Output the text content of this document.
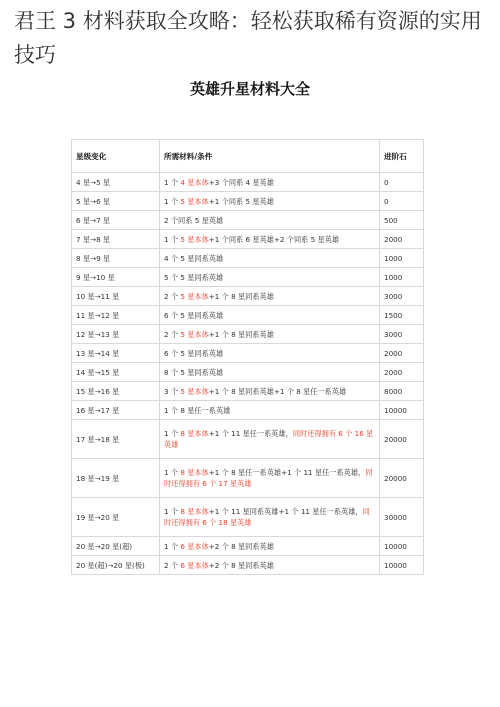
君王 3 材料获取全攻略：轻松获取稀有资源的实用技巧
英雄升星材料大全
星级变化	所需材料/条件	进阶石
4 星→5 星	1 个 4 星本体+3 个同系 4 星英雄	0
5 星→6 星	1 个 5 星本体+1 个同系 5 星英雄	0
6 星→7 星	2 个同系 5 星英雄	500
7 星→8 星	1 个 5 星本体+1 个同系 6 星英雄+2 个同系 5 星英雄	2000
8 星→9 星	4 个 5 星同系英雄	1000
9 星→10 星	5 个 5 星同系英雄	1000
10 星→11 星	2 个 5 星本体+1 个 8 星同系英雄	3000
11 星→12 星	6 个 5 星同系英雄	1500
12 星→13 星	2 个 5 星本体+1 个 8 星同系英雄	3000
13 星→14 星	6 个 5 星同系英雄	2000
14 星→15 星	8 个 5 星同系英雄	2000
15 星→16 星	3 个 5 星本体+1 个 8 星同系英雄+1 个 8 星任一系英雄	8000
16 星→17 星	1 个 8 星任一系英雄	10000
17 星→18 星	1 个 8 星本体+1 个 11 星任一系英雄，同时还得拥有 6 个 16 星英雄	20000
18 星→19 星	1 个 8 星本体+1 个 8 星任一系英雄+1 个 11 星任一系英雄，同时还得拥有 6 个 17 星英雄	20000
19 星→20 星	1 个 8 星本体+1 个 11 星同系英雄+1 个 11 星任一系英雄，同时还得拥有 6 个 18 星英雄	30000
20 星→20 星(超)	1 个 6 星本体+2 个 8 星同系英雄	10000
20 星(超)→20 星(极)	2 个 6 星本体+2 个 8 星同系英雄	10000
